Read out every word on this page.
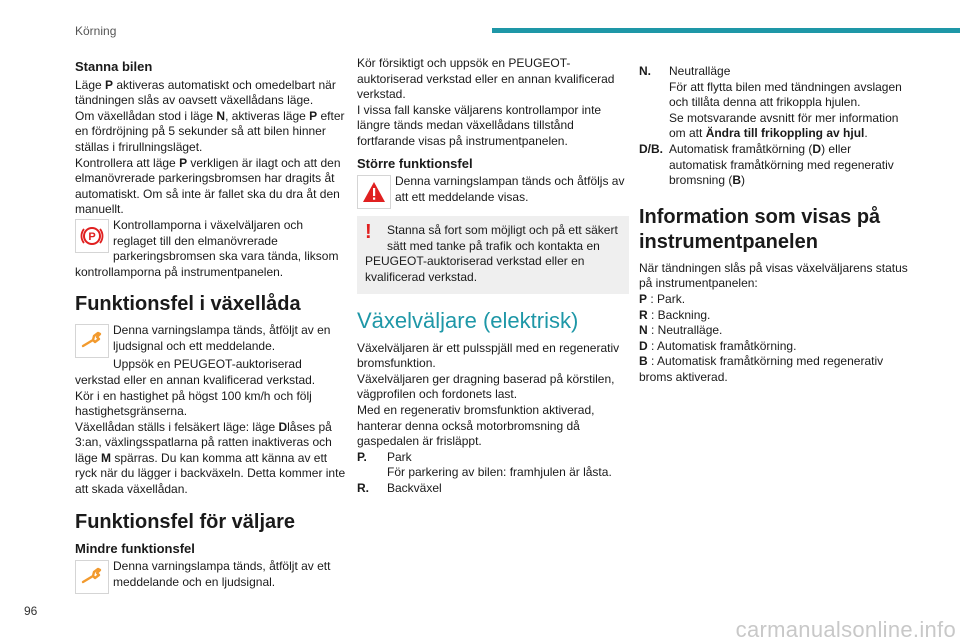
Körning
Stanna bilen

Läge P aktiveras automatiskt och omedelbart när tändningen slås av oavsett växellådans läge.

Om växellådan stod i läge N, aktiveras läge P efter en fördröjning på 5 sekunder så att bilen hinner ställas i frirullningsläget.

Kontrollera att läge P verkligen är ilagt och att den elmanövrerade parkeringsbromsen har dragits åt automatiskt. Om så inte är fallet ska du dra åt den manuellt.

P

Kontrollamporna i växelväljaren och reglaget till den elmanövrerade parkeringsbromsen ska vara tända, liksom kontrollamporna på instrumentpanelen.

Funktionsfel i växellåda

Denna varningslampa tänds, åtföljt av en ljudsignal och ett meddelande.

Uppsök en PEUGEOT-auktoriserad verkstad eller en annan kvalificerad verkstad.

Kör i en hastighet på högst 100 km/h och följ hastighetsgränserna.

Växellådan ställs i felsäkert läge: läge Dlåses på 3:an, växlingsspatlarna på ratten inaktiveras och läge M spärras. Du kan komma att känna av ett ryck när du lägger i backväxeln. Detta kommer inte att skada växellådan.

Funktionsfel för väljare
Mindre funktionsfel

Denna varningslampa tänds, åtföljt av ett meddelande och en ljudsignal.

Kör försiktigt och uppsök en PEUGEOT-auktoriserad verkstad eller en annan kvalificerad verkstad.

I vissa fall kanske väljarens kontrollampor inte längre tänds medan växellådans tillstånd fortfarande visas på instrumentpanelen.

Större funktionsfel

Denna varningslampan tänds och åtföljs av att ett meddelande visas.

!	Stanna så fort som möjligt och på ett säkert sätt med tanke på trafik och kontakta en PEUGEOT-auktoriserad verkstad eller en kvalificerad verkstad.

Växelväljare (elektrisk)

Växelväljaren är ett pulsspjäll med en regenerativ bromsfunktion.

Växelväljaren ger dragning baserad på körstilen, vägprofilen och fordonets last.

Med en regenerativ bromsfunktion aktiverad, hanterar denna också motorbromsning då gaspedalen är frisläppt.

P.	Park
För parkering av bilen: framhjulen är låsta.
R.	Backväxel
N.	Neutralläge
För att flytta bilen med tändningen avslagen och tillåta denna att frikoppla hjulen.
Se motsvarande avsnitt för mer information om att Ändra till frikoppling av hjul.
D/B. Automatisk framåtkörning (D) eller automatisk framåtkörning med regenerativ bromsning (B)
Information som visas på instrumentpanelen

När tändningen slås på visas växelväljarens status på instrumentpanelen:

P : Park.

R : Backning.

N : Neutralläge.

D : Automatisk framåtkörning.

B : Automatisk framåtkörning med regenerativ broms aktiverad.

96
carmanualsonline.info
